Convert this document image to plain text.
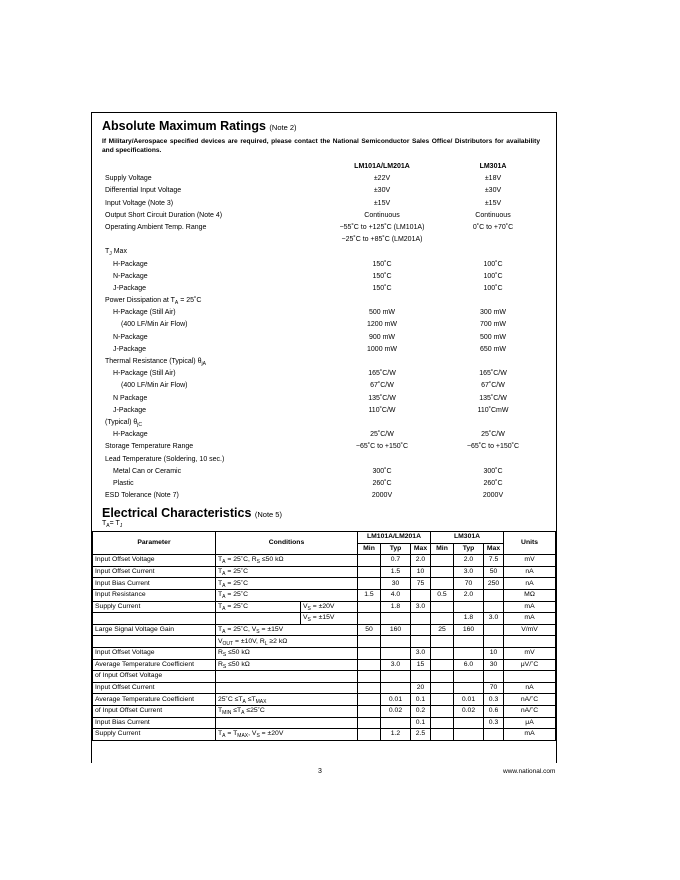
Absolute Maximum Ratings (Note 2)
If Military/Aerospace specified devices are required, please contact the National Semiconductor Sales Office/ Distributors for availability and specifications.
LM101A/LM201A	LM301A
Supply Voltage	±22V	±18V
Differential Input Voltage	±30V	±30V
Input Voltage (Note 3)	±15V	±15V
Output Short Circuit Duration (Note 4)	Continuous	Continuous
Operating Ambient Temp. Range	−55˚C to +125˚C (LM101A)	0˚C to +70˚C
−25˚C to +85˚C (LM201A)
$T_J$ Max
H-Package	150˚C	100˚C
N-Package	150˚C	100˚C
J-Package	150˚C	100˚C
Power Dissipation at $T_A$ = 25˚C
H-Package (Still Air)	500 mW	300 mW
(400 LF/Min Air Flow)	1200 mW	700 mW
N-Package	900 mW	500 mW
J-Package	1000 mW	650 mW
Thermal Resistance (Typical) $\theta_{jA}$
H-Package (Still Air)	165˚C/W	165˚C/W
(400 LF/Min Air Flow)	67˚C/W	67˚C/W
N Package	135˚C/W	135˚C/W
J-Package	110˚C/W	110˚CmW
(Typical) $\theta_{jC}$
H-Package	25˚C/W	25˚C/W
Storage Temperature Range	−65˚C to +150˚C	−65˚C to +150˚C
Lead Temperature (Soldering, 10 sec.)
Metal Can or Ceramic	300˚C	300˚C
Plastic	260˚C	260˚C
ESD Tolerance (Note 7)	2000V	2000V
Electrical Characteristics (Note 5)
$T_A= T_J$
Parameter	Conditions		LM101A/LM201A			LM301A			Units
			Min	Typ	Max	Min	Typ	Max	
Input Offset Voltage	$T_A$ = 25˚C, $R_S \le 50$ kΩ			0.7	2.0		2.0	7.5	mV
Input Offset Current	$T_A$ = 25˚C			1.5	10		3.0	50	nA
Input Bias Current	$T_A$ = 25˚C			30	75		70	250	nA
Input Resistance	$T_A$ = 25˚C		1.5	4.0		0.5	2.0		MΩ
Supply Current	$T_A$ = 25˚C	$V_S = \pm 20V$		1.8	3.0				mA
		$V_S = \pm 15V$					1.8	3.0	mA
Large Signal Voltage Gain	$T_A$ = 25˚C, $V_S = \pm 15V$		50	160		25	160		V/mV
	$V_{OUT} = \pm 10V$, $R_L \ge 2$ kΩ								
Input Offset Voltage	$R_S \le 50$ kΩ				3.0			10	mV
Average Temperature Coefficient	$R_S \le 50$ kΩ			3.0	15		6.0	30	μV/˚C
of Input Offset Voltage									
Input Offset Current					20			70	nA
Average Temperature Coefficient	25˚C $\le T_A \le T_{MAX}$			0.01	0.1		0.01	0.3	nA/˚C
of Input Offset Current	$T_{MIN} \le T_A$ ≤25˚C			0.02	0.2		0.02	0.6	nA/˚C
Input Bias Current					0.1			0.3	μA
Supply Current	$T_A = T_{MAX}$, $V_S = \pm 20V$			1.2	2.5				mA
3	www.national.com
